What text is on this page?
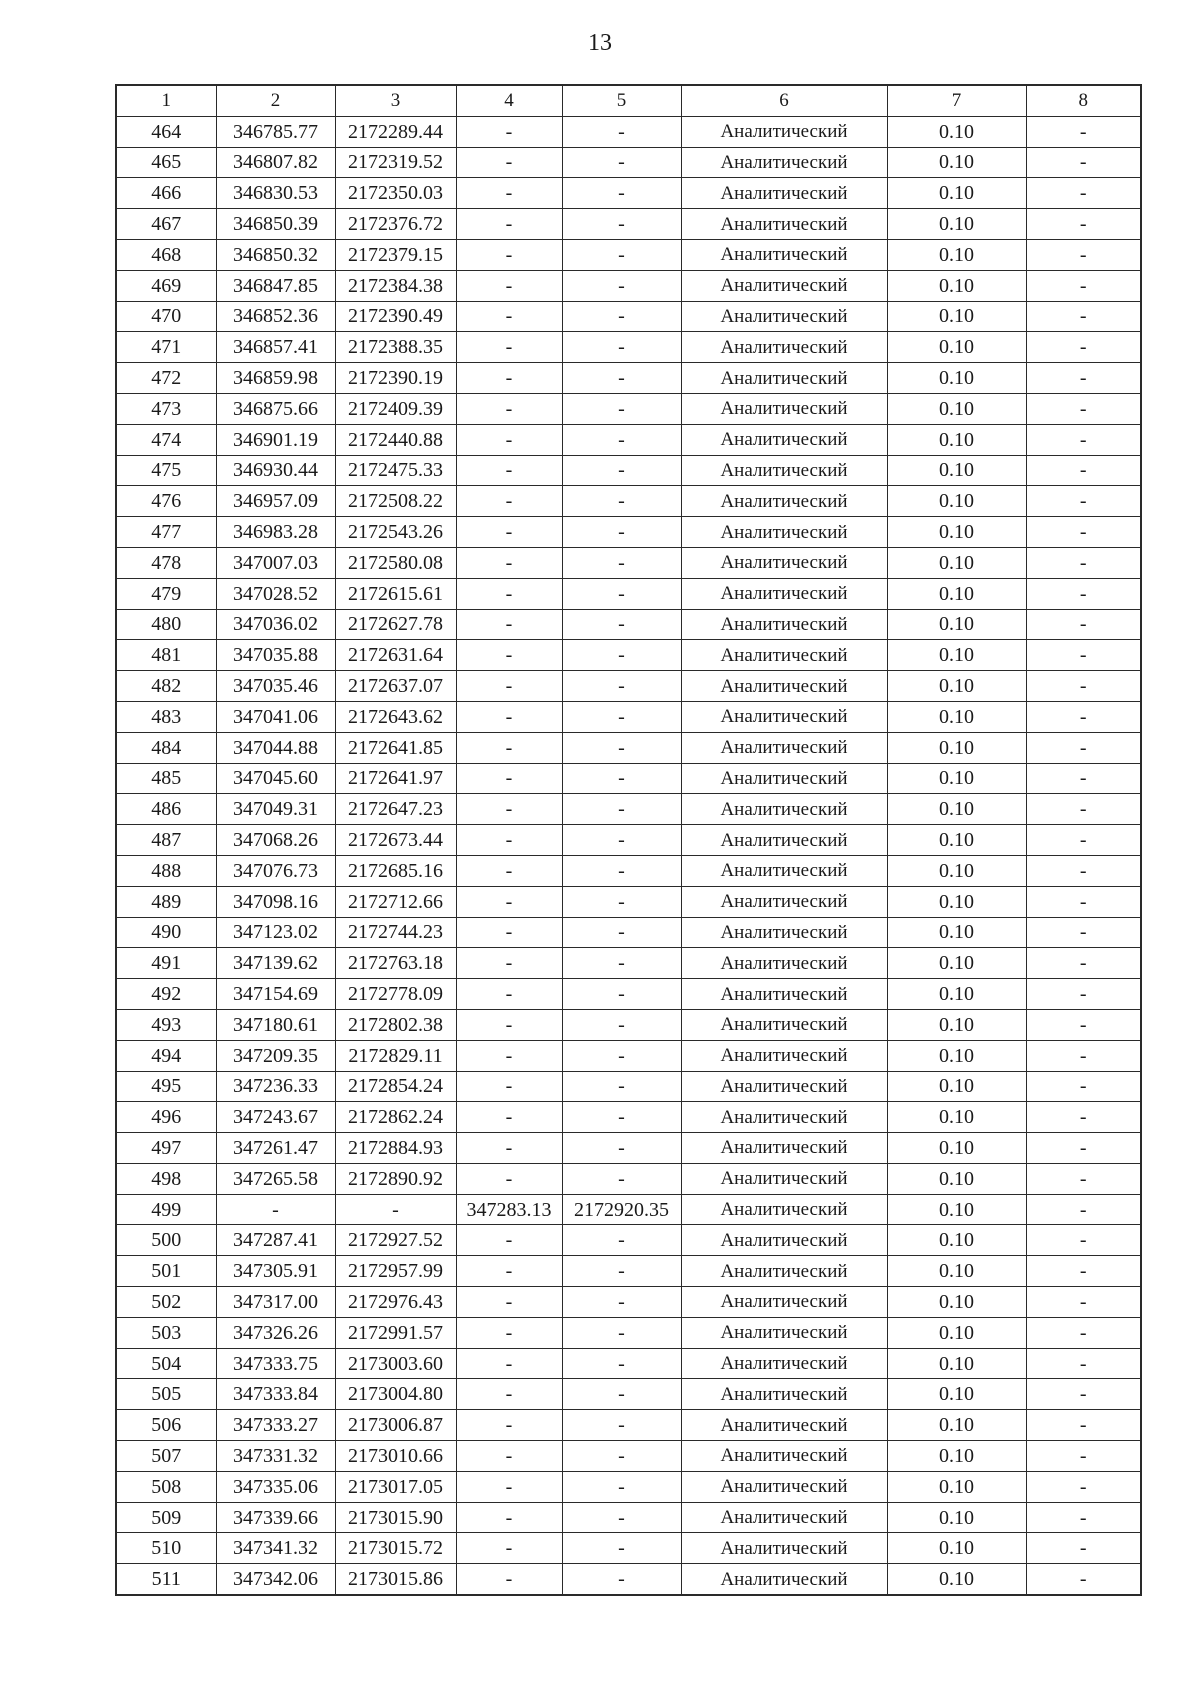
13
1	2	3	4	5	6	7	8
464	346785.77	2172289.44	-	-	Аналитический	0.10	-
465	346807.82	2172319.52	-	-	Аналитический	0.10	-
466	346830.53	2172350.03	-	-	Аналитический	0.10	-
467	346850.39	2172376.72	-	-	Аналитический	0.10	-
468	346850.32	2172379.15	-	-	Аналитический	0.10	-
469	346847.85	2172384.38	-	-	Аналитический	0.10	-
470	346852.36	2172390.49	-	-	Аналитический	0.10	-
471	346857.41	2172388.35	-	-	Аналитический	0.10	-
472	346859.98	2172390.19	-	-	Аналитический	0.10	-
473	346875.66	2172409.39	-	-	Аналитический	0.10	-
474	346901.19	2172440.88	-	-	Аналитический	0.10	-
475	346930.44	2172475.33	-	-	Аналитический	0.10	-
476	346957.09	2172508.22	-	-	Аналитический	0.10	-
477	346983.28	2172543.26	-	-	Аналитический	0.10	-
478	347007.03	2172580.08	-	-	Аналитический	0.10	-
479	347028.52	2172615.61	-	-	Аналитический	0.10	-
480	347036.02	2172627.78	-	-	Аналитический	0.10	-
481	347035.88	2172631.64	-	-	Аналитический	0.10	-
482	347035.46	2172637.07	-	-	Аналитический	0.10	-
483	347041.06	2172643.62	-	-	Аналитический	0.10	-
484	347044.88	2172641.85	-	-	Аналитический	0.10	-
485	347045.60	2172641.97	-	-	Аналитический	0.10	-
486	347049.31	2172647.23	-	-	Аналитический	0.10	-
487	347068.26	2172673.44	-	-	Аналитический	0.10	-
488	347076.73	2172685.16	-	-	Аналитический	0.10	-
489	347098.16	2172712.66	-	-	Аналитический	0.10	-
490	347123.02	2172744.23	-	-	Аналитический	0.10	-
491	347139.62	2172763.18	-	-	Аналитический	0.10	-
492	347154.69	2172778.09	-	-	Аналитический	0.10	-
493	347180.61	2172802.38	-	-	Аналитический	0.10	-
494	347209.35	2172829.11	-	-	Аналитический	0.10	-
495	347236.33	2172854.24	-	-	Аналитический	0.10	-
496	347243.67	2172862.24	-	-	Аналитический	0.10	-
497	347261.47	2172884.93	-	-	Аналитический	0.10	-
498	347265.58	2172890.92	-	-	Аналитический	0.10	-
499	-	-	347283.13	2172920.35	Аналитический	0.10	-
500	347287.41	2172927.52	-	-	Аналитический	0.10	-
501	347305.91	2172957.99	-	-	Аналитический	0.10	-
502	347317.00	2172976.43	-	-	Аналитический	0.10	-
503	347326.26	2172991.57	-	-	Аналитический	0.10	-
504	347333.75	2173003.60	-	-	Аналитический	0.10	-
505	347333.84	2173004.80	-	-	Аналитический	0.10	-
506	347333.27	2173006.87	-	-	Аналитический	0.10	-
507	347331.32	2173010.66	-	-	Аналитический	0.10	-
508	347335.06	2173017.05	-	-	Аналитический	0.10	-
509	347339.66	2173015.90	-	-	Аналитический	0.10	-
510	347341.32	2173015.72	-	-	Аналитический	0.10	-
511	347342.06	2173015.86	-	-	Аналитический	0.10	-
